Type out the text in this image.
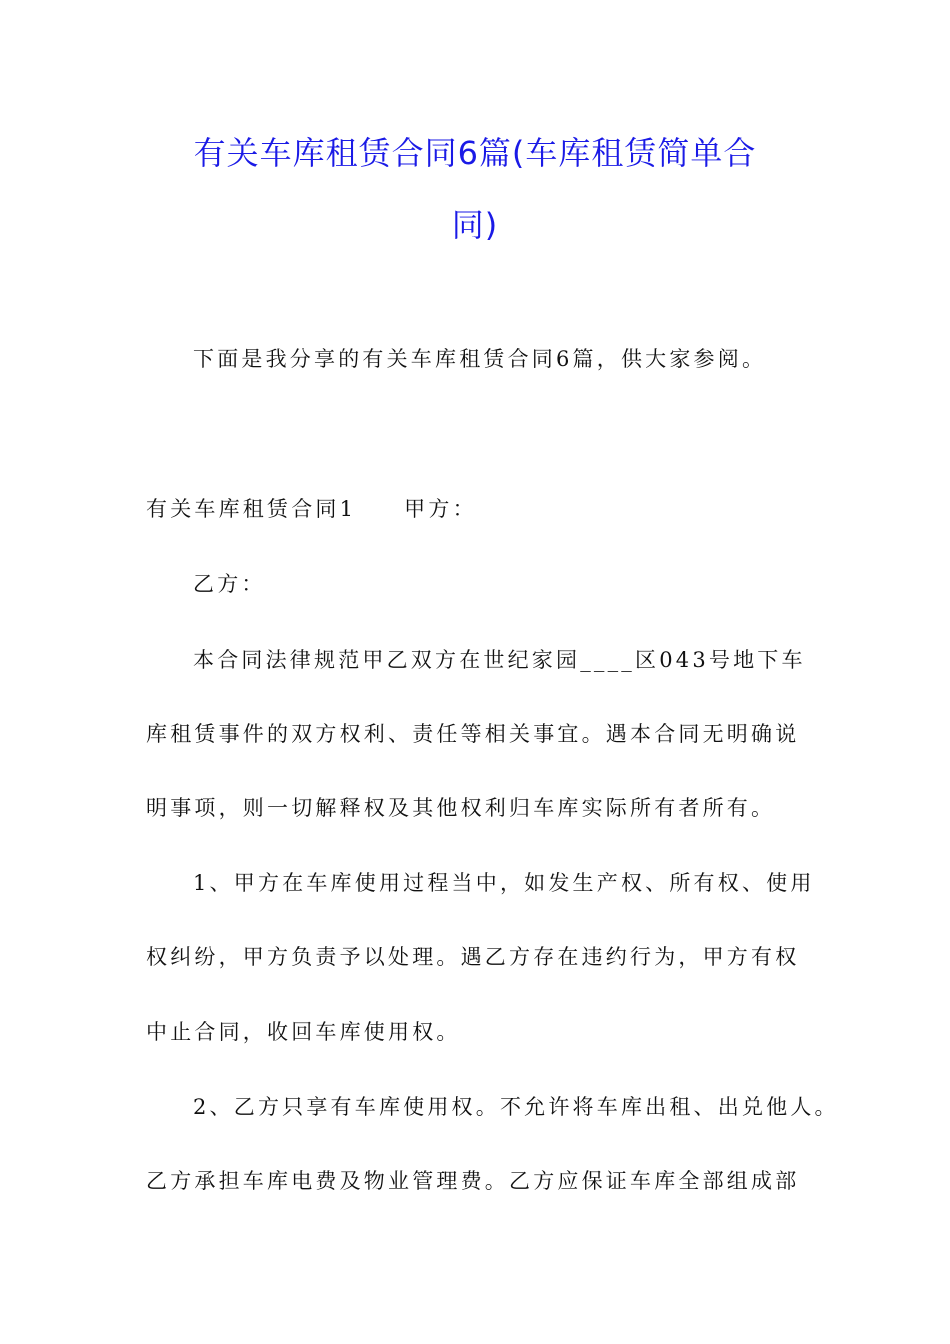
有关车库租赁合同6篇(车库租赁简单合
同)
下面是我分享的有关车库租赁合同6篇，供大家参阅。
有关车库租赁合同1 甲方：
乙方：
本合同法律规范甲乙双方在世纪家园____区043号地下车
库租赁事件的双方权利、责任等相关事宜。遇本合同无明确说
明事项，则一切解释权及其他权利归车库实际所有者所有。
1、甲方在车库使用过程当中，如发生产权、所有权、使用
权纠纷，甲方负责予以处理。遇乙方存在违约行为，甲方有权
中止合同，收回车库使用权。
2、乙方只享有车库使用权。不允许将车库出租、出兑他人。
乙方承担车库电费及物业管理费。乙方应保证车库全部组成部
